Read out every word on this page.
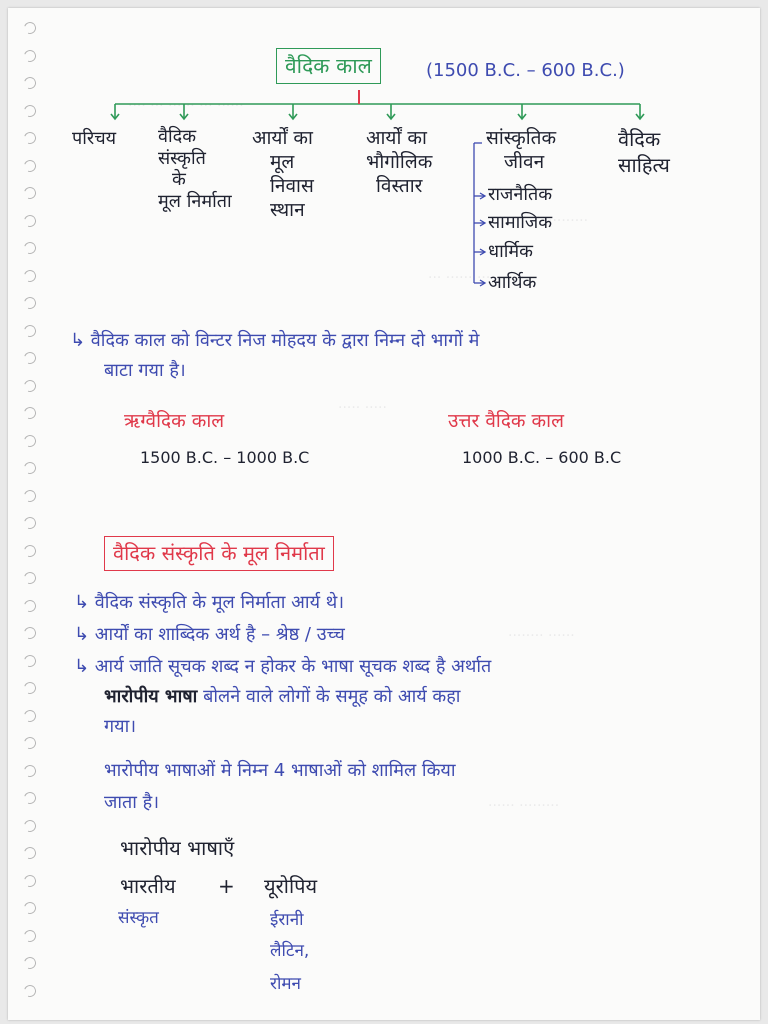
···· ··· ······ ··· ······
·········
··· ······ ····
····· ·····
········ ······
······ ·········
वैदिक काल	(1500 B.C. – 600 B.C.)
परिचय वैदिक
संस्कृति
के
मूल निर्माता
आर्यों का
मूल
निवास
स्थान
आर्यों का
भौगोलिक
विस्तार
सांस्कृतिक
जीवन
वैदिक
साहित्य
राजनैतिक
सामाजिक
धार्मिक
आर्थिक
↳ वैदिक काल को विन्टर निज मोहदय के द्वारा निम्न दो भागों मे
बाटा गया है।
ऋग्वैदिक काल
1500 B.C. – 1000 B.C
उत्तर वैदिक काल
1000 B.C. – 600 B.C
वैदिक संस्कृति के मूल निर्माता
↳ वैदिक संस्कृति के मूल निर्माता आर्य थे।
↳ आर्यों का शाब्दिक अर्थ है – श्रेष्ठ / उच्च
↳ आर्य जाति सूचक शब्द न होकर के भाषा सूचक शब्द है अर्थात
भारोपीय भाषा बोलने वाले लोगों के समूह को आर्य कहा
गया।
भारोपीय भाषाओं मे निम्न 4 भाषाओं को शामिल किया
जाता है।
भारोपीय भाषाएँ
भारतीय + यूरोपिय
संस्कृत	ईरानी
लैटिन,
रोमन
